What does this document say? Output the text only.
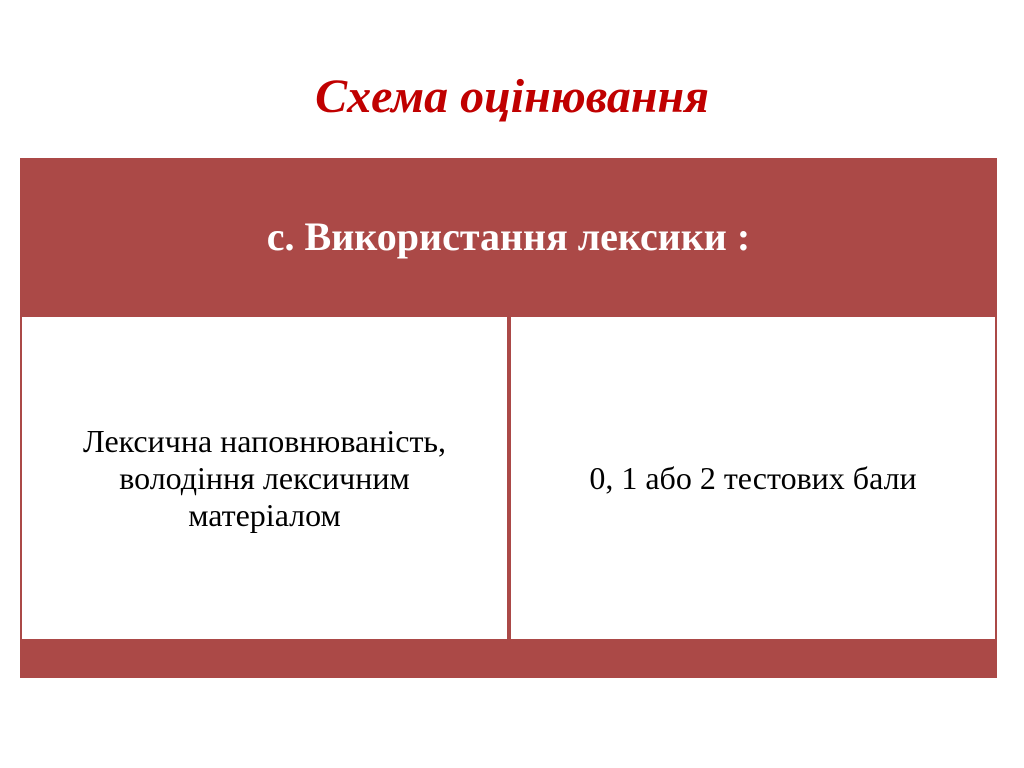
Схема оцінювання
с. Використання лексики :
Лексична наповнюваність,
володіння лексичним
матеріалом
0, 1 або 2 тестових бали
